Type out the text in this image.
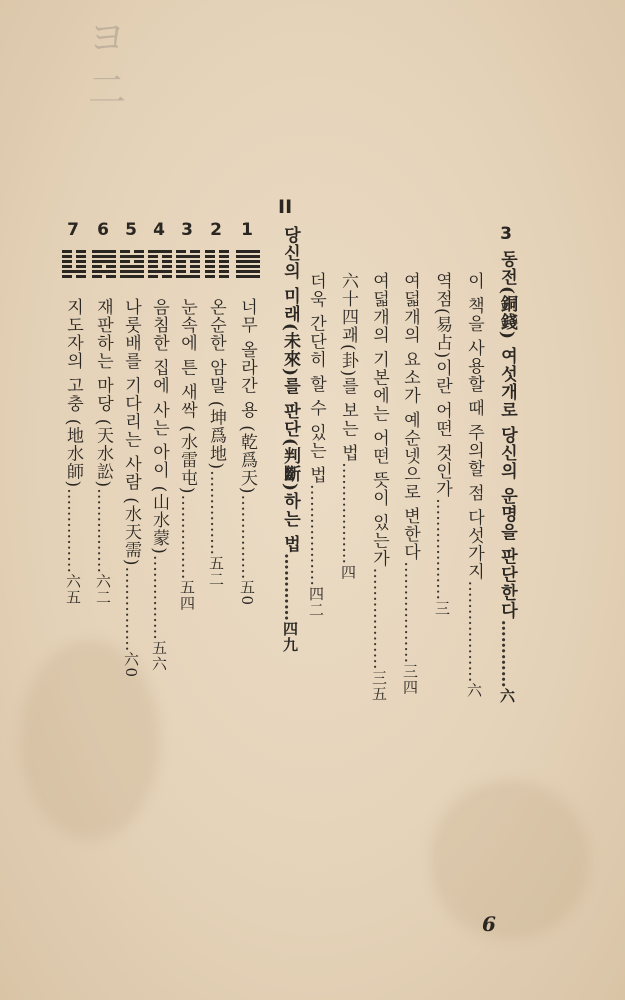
ヨ二
3
동전(銅錢) 여섯개로 당신의 운명을 판단한다…………六
이 책을 사용할 때 주의할 점 다섯가지………………六
역점(易占)이란 어떤 것인가………………三
여덟개의 요소가 예순넷으로 변한다………………三四
여덟개의 기본에는 어떤 뜻이 있는가………………三五
六十四괘(卦)를 보는 법………………四
더욱 간단히 할 수 있는 법………………四二
II
당신의 미래(未來)를 판단(判斷)하는 법…………四九
1
너무 올라간 용 (乾爲天)……………五0
2
온순한 암말 (坤爲地)……………五二
3
눈속에 튼 새싹 (水雷屯)……………五四
4
음침한 집에 사는 아이 (山水蒙)……………五六
5
나룻배를 기다리는 사람 (水天需)……………六0
6
재판하는 마당 (天水訟)……………六二
7
지도자의 고충 (地水師)……………六五
6
